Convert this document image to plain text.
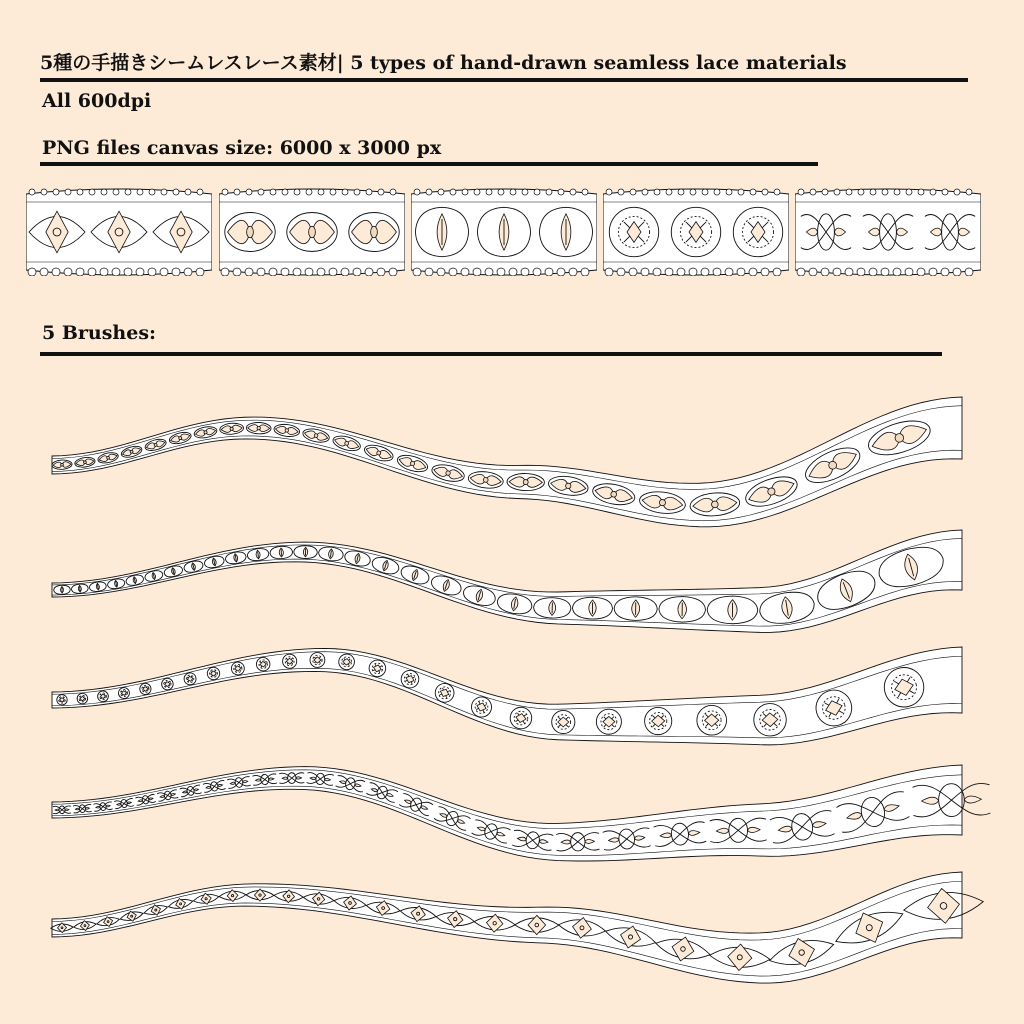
5種の手描きシームレスレース素材| 5 types of hand-drawn seamless lace materials
All 600dpi
PNG files canvas size: 6000 x 3000 px
5 Brushes:
